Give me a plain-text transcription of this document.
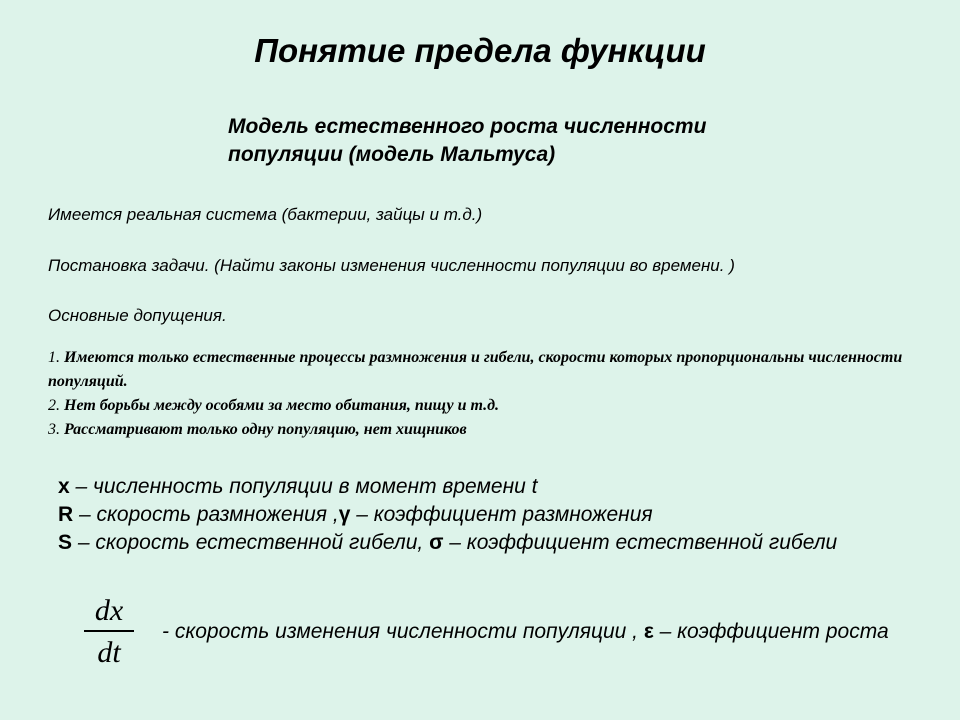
Понятие предела функции
Модель естественного роста численности
популяции (модель Мальтуса)
Имеется реальная система (бактерии, зайцы и т.д.)
Постановка задачи. (Найти законы изменения численности популяции во времени. )
Основные допущения.
1. Имеются только естественные процессы размножения и гибели, скорости которых пропорциональны численности популяций.
2. Нет борьбы между особями за место обитания, пищу и т.д.
3. Рассматривают только одну популяцию, нет хищников
x – численность популяции в момент времени t
R – скорость размножения ,γ – коэффициент размножения
S – скорость естественной гибели, σ – коэффициент естественной гибели
dx
dt
- скорость изменения численности популяции , ε – коэффициент роста
